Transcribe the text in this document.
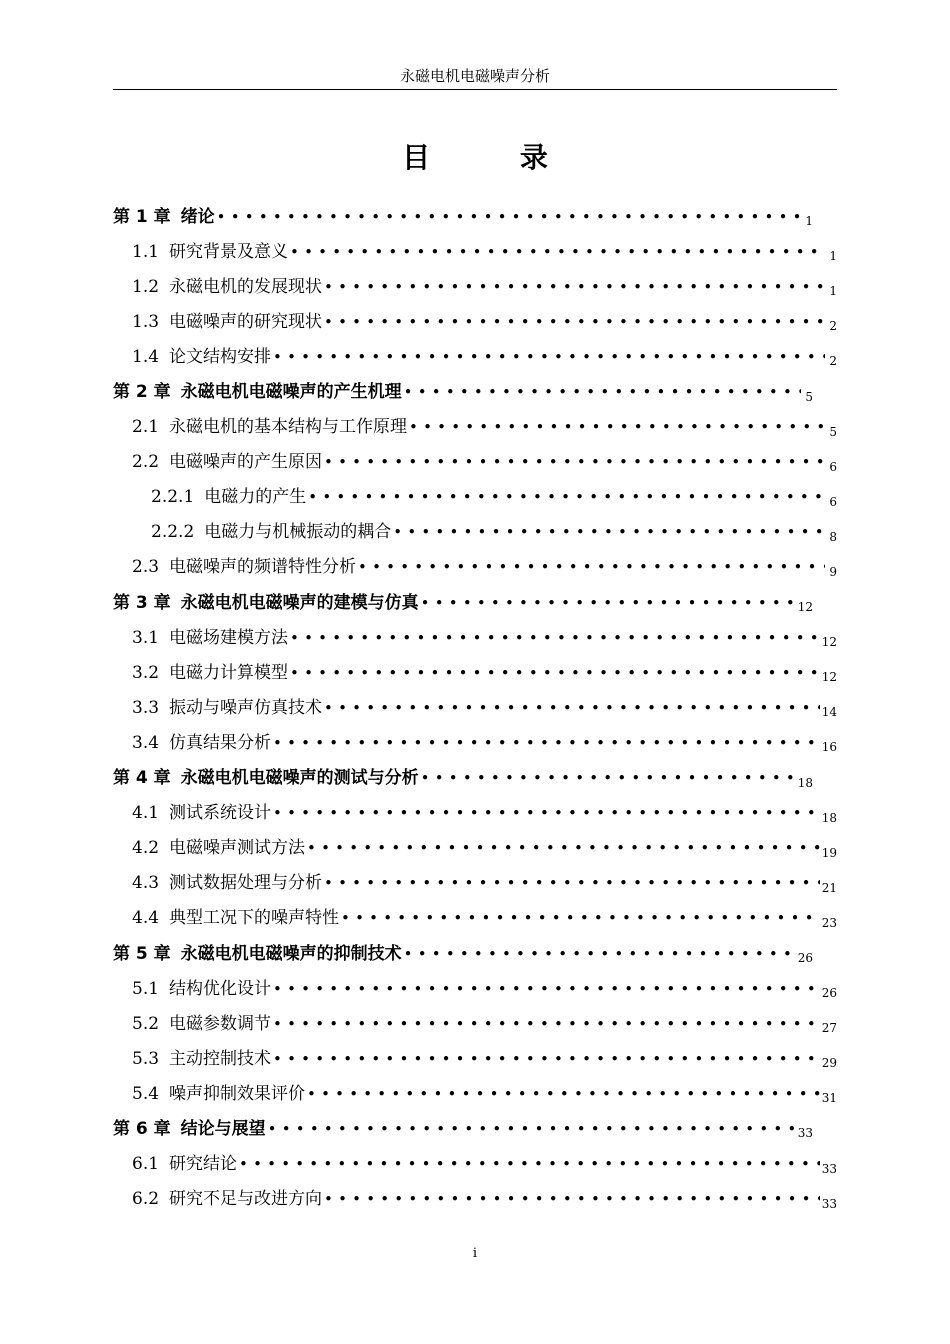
永磁电机电磁噪声分析
目 录
第 1 章 绪论 •••••	1
1.1 研究背景及意义 •••••	1
1.2 永磁电机的发展现状 •••••	1
1.3 电磁噪声的研究现状 •••••	2
1.4 论文结构安排 •••••	2
第 2 章 永磁电机电磁噪声的产生机理 •••••	5
2.1 永磁电机的基本结构与工作原理 •••••	5
2.2 电磁噪声的产生原因 •••••	6
2.2.1 电磁力的产生 •••••	6
2.2.2 电磁力与机械振动的耦合 •••••	8
2.3 电磁噪声的频谱特性分析 •••••	9
第 3 章 永磁电机电磁噪声的建模与仿真 •••••	12
3.1 电磁场建模方法 •••••	12
3.2 电磁力计算模型 •••••	12
3.3 振动与噪声仿真技术 •••••	14
3.4 仿真结果分析 •••••	16
第 4 章 永磁电机电磁噪声的测试与分析 •••••	18
4.1 测试系统设计 •••••	18
4.2 电磁噪声测试方法 •••••	19
4.3 测试数据处理与分析 •••••	21
4.4 典型工况下的噪声特性 •••••	23
第 5 章 永磁电机电磁噪声的抑制技术 •••••	26
5.1 结构优化设计 •••••	26
5.2 电磁参数调节 •••••	27
5.3 主动控制技术 •••••	29
5.4 噪声抑制效果评价 •••••	31
第 6 章 结论与展望 •••••	33
6.1 研究结论 •••••	33
6.2 研究不足与改进方向 •••••	33
i
